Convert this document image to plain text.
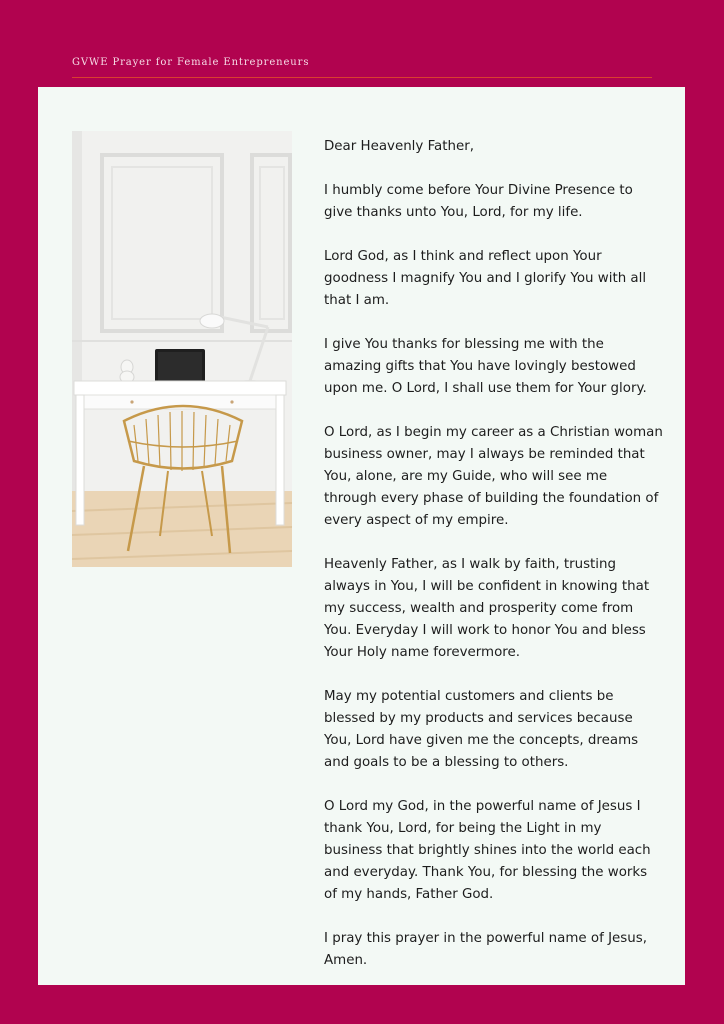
GVWE Prayer for Female Entrepreneurs

Dear Heavenly Father,

I humbly come before Your Divine Presence to give thanks unto You, Lord, for my life.

Lord God, as I think and reflect upon Your goodness I magnify You and I glorify You with all that I am.

I give You thanks for blessing me with the amazing gifts that You have lovingly bestowed upon me. O Lord, I shall use them for Your glory.

O Lord, as I begin my career as a Christian woman business owner, may I always be reminded that You, alone, are my Guide, who will see me through every phase of building the foundation of every aspect of my empire.

Heavenly Father, as I walk by faith, trusting always in You, I will be confident in knowing that my success, wealth and prosperity come from You. Everyday I will work to honor You and bless Your Holy name forevermore.

May my potential customers and clients be blessed by my products and services because You, Lord have given me the concepts, dreams and goals to be a blessing to others.

O Lord my God, in the powerful name of Jesus I thank You, Lord, for being the Light in my business that brightly shines into the world each and everyday. Thank You, for blessing the works of my hands, Father God.

I pray this prayer in the powerful name of Jesus, Amen.
